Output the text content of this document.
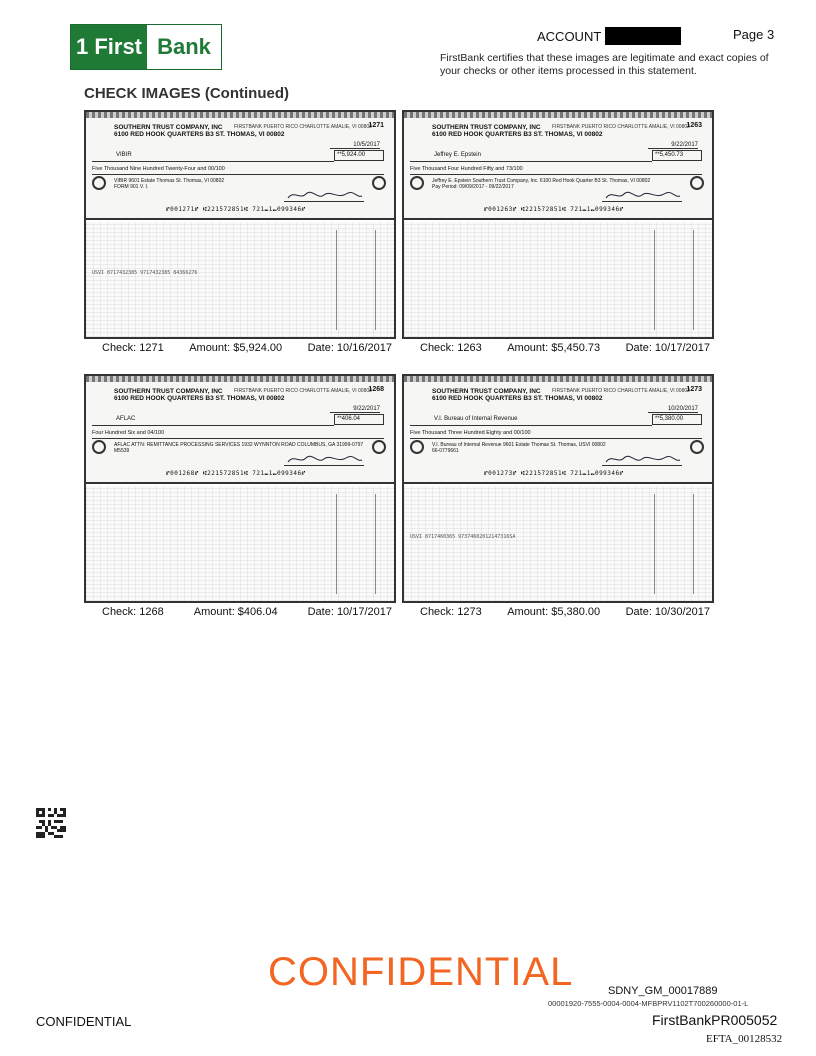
1 First Bank	ACCOUNT	Page 3
FirstBank certifies that these images are legitimate and exact copies of your checks or other items processed in this statement.
CHECK IMAGES (Continued)
SOUTHERN TRUST COMPANY, INC
6100 RED HOOK QUARTERS B3 ST. THOMAS, VI 00802
FIRSTBANK PUERTO RICO CHARLOTTE AMALIE, VI 00802
1271
10/5/2017
VIBIR	**5,924.00
Five Thousand Nine Hundred Twenty-Four and 00/100
VIBIR 9601 Estate Thomas St. Thomas, VI 00802
FORM 901 V. I.
⑈001271⑈ ⑆221572851⑆ 721⑉1⑉099346⑈
USVI 8717432385 9717432385 84366276
Check: 1271 Amount: $5,924.00 Date: 10/16/2017
SOUTHERN TRUST COMPANY, INC
6100 RED HOOK QUARTERS B3 ST. THOMAS, VI 00802
FIRSTBANK PUERTO RICO CHARLOTTE AMALIE, VI 00802
1263
9/22/2017
Jeffrey E. Epstein	**5,450.73
Five Thousand Four Hundred Fifty and 73/100
Jeffrey E. Epstein Southern Trust Company, Inc. 6100 Red Hook Quarter B3 St. Thomas, VI 00802
Pay Period: 09/09/2017 - 09/22/2017
⑈001263⑈ ⑆221572851⑆ 721⑉1⑉099346⑈
Check: 1263 Amount: $5,450.73 Date: 10/17/2017
SOUTHERN TRUST COMPANY, INC
6100 RED HOOK QUARTERS B3 ST. THOMAS, VI 00802
FIRSTBANK PUERTO RICO CHARLOTTE AMALIE, VI 00802
1268
9/22/2017
AFLAC	**406.04
Four Hundred Six and 04/100
AFLAC ATTN: REMITTANCE PROCESSING SERVICES 1932 WYNNTON ROAD COLUMBUS, GA 31999-0797
M5539
⑈001268⑈ ⑆221572851⑆ 721⑉1⑉099346⑈
Check: 1268	Amount: $406.04	Date: 10/17/2017
SOUTHERN TRUST COMPANY, INC
6100 RED HOOK QUARTERS B3 ST. THOMAS, VI 00802
FIRSTBANK PUERTO RICO CHARLOTTE AMALIE, VI 00802
1273
10/20/2017
V.I. Bureau of Internal Revenue	**5,380.00
Five Thousand Three Hundred Eighty and 00/100
V.I. Bureau of Internal Revenue 9601 Estate Thomas St. Thomas, USVI 00802
66-0779661
⑈001273⑈ ⑆221572851⑆ 721⑉1⑉099346⑈
USVI 8717460365 97374602012147316SA
Check: 1273 Amount: $5,380.00 Date: 10/30/2017
CONFIDENTIAL	SDNY_GM_00017889
00001920-7555-0004-0004-MFBPRV1102T700260000-01-L
CONFIDENTIAL	FirstBankPR005052
EFTA_00128532
